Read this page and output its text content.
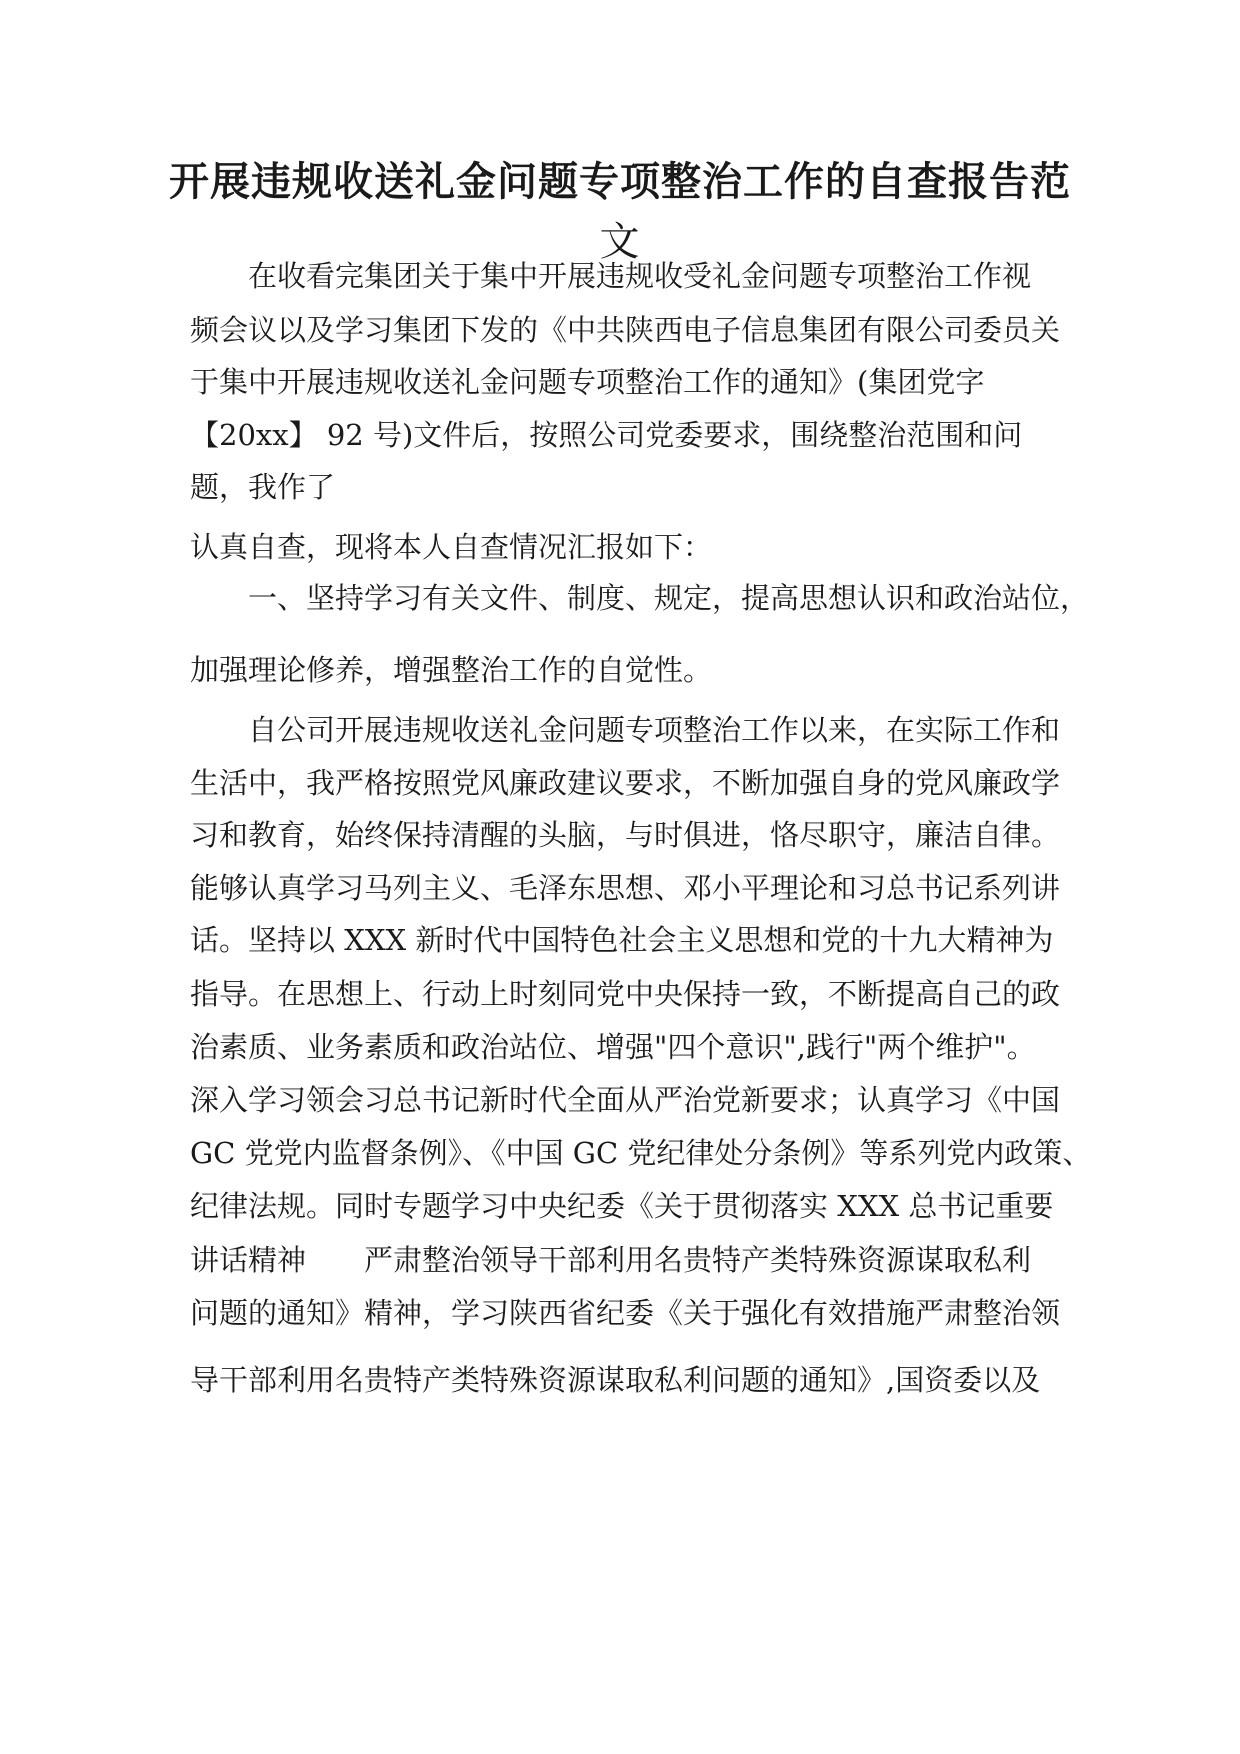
开展违规收送礼金问题专项整治工作的自查报告范
文
在收看完集团关于集中开展违规收受礼金问题专项整治工作视
频会议以及学习集团下发的《中共陕西电子信息集团有限公司委员关
于集中开展违规收送礼金问题专项整治工作的通知》(集团党字
【20xx】 92 号)文件后，按照公司党委要求，围绕整治范围和问
题，我作了
认真自查，现将本人自查情况汇报如下：
一、坚持学习有关文件、制度、规定，提高思想认识和政治站位，
加强理论修养，增强整治工作的自觉性。
自公司开展违规收送礼金问题专项整治工作以来，在实际工作和
生活中，我严格按照党风廉政建议要求，不断加强自身的党风廉政学
习和教育，始终保持清醒的头脑，与时俱进，恪尽职守，廉洁自律。
能够认真学习马列主义、毛泽东思想、邓小平理论和习总书记系列讲
话。坚持以 XXX 新时代中国特色社会主义思想和党的十九大精神为
指导。在思想上、行动上时刻同党中央保持一致，不断提高自己的政
治素质、业务素质和政治站位、增强"四个意识",践行"两个维护"。
深入学习领会习总书记新时代全面从严治党新要求；认真学习《中国
GC 党党内监督条例》、《中国 GC 党纪律处分条例》等系列党内政策、
纪律法规。同时专题学习中央纪委《关于贯彻落实 XXX 总书记重要
讲话精神　　严肃整治领导干部利用名贵特产类特殊资源谋取私利
问题的通知》精神，学习陕西省纪委《关于强化有效措施严肃整治领
导干部利用名贵特产类特殊资源谋取私利问题的通知》,国资委以及
